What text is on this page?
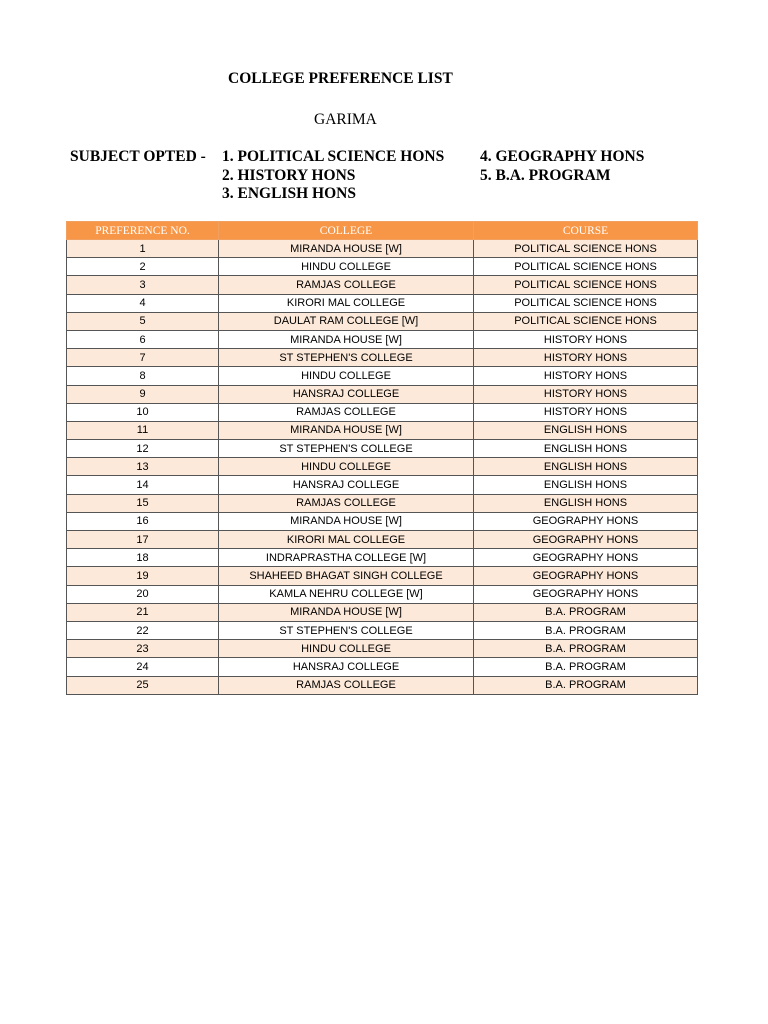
COLLEGE PREFERENCE LIST
GARIMA
SUBJECT OPTED - 1. POLITICAL SCIENCE HONS
2. HISTORY HONS
3. ENGLISH HONS
4. GEOGRAPHY HONS
5. B.A. PROGRAM
PREFERENCE NO.	COLLEGE	COURSE
1	MIRANDA HOUSE [W]	POLITICAL SCIENCE HONS
2	HINDU COLLEGE	POLITICAL SCIENCE HONS
3	RAMJAS COLLEGE	POLITICAL SCIENCE HONS
4	KIRORI MAL COLLEGE	POLITICAL SCIENCE HONS
5	DAULAT RAM COLLEGE [W]	POLITICAL SCIENCE HONS
6	MIRANDA HOUSE [W]	HISTORY HONS
7	ST STEPHEN'S COLLEGE	HISTORY HONS
8	HINDU COLLEGE	HISTORY HONS
9	HANSRAJ COLLEGE	HISTORY HONS
10	RAMJAS COLLEGE	HISTORY HONS
11	MIRANDA HOUSE [W]	ENGLISH HONS
12	ST STEPHEN'S COLLEGE	ENGLISH HONS
13	HINDU COLLEGE	ENGLISH HONS
14	HANSRAJ COLLEGE	ENGLISH HONS
15	RAMJAS COLLEGE	ENGLISH HONS
16	MIRANDA HOUSE [W]	GEOGRAPHY HONS
17	KIRORI MAL COLLEGE	GEOGRAPHY HONS
18	INDRAPRASTHA COLLEGE [W]	GEOGRAPHY HONS
19	SHAHEED BHAGAT SINGH COLLEGE	GEOGRAPHY HONS
20	KAMLA NEHRU COLLEGE [W]	GEOGRAPHY HONS
21	MIRANDA HOUSE [W]	B.A. PROGRAM
22	ST STEPHEN'S COLLEGE	B.A. PROGRAM
23	HINDU COLLEGE	B.A. PROGRAM
24	HANSRAJ COLLEGE	B.A. PROGRAM
25	RAMJAS COLLEGE	B.A. PROGRAM
